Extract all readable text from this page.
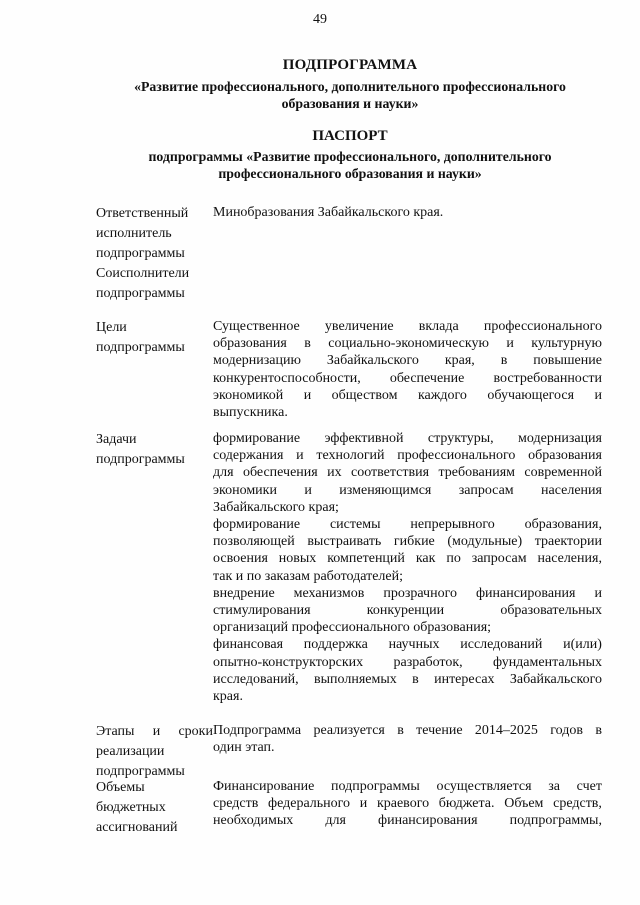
49
ПОДПРОГРАММА
«Развитие профессионального, дополнительного профессионального
образования и науки»
ПАСПОРТ
подпрограммы «Развитие профессионального, дополнительного
профессионального образования и науки»
Ответственный
исполнитель
подпрограммы
Минобразования Забайкальского края.
Соисполнители
подпрограммы
Цели
подпрограммы
Существенное увеличение вклада профессионального
образования в социально-экономическую и культурную
модернизацию Забайкальского края, в повышение
конкурентоспособности, обеспечение востребованности
экономикой и обществом каждого обучающегося и
выпускника.
Задачи
подпрограммы
формирование эффективной структуры, модернизация
содержания и технологий профессионального образования
для обеспечения их соответствия требованиям современной
экономики и изменяющимся запросам населения
Забайкальского края;
формирование системы непрерывного образования,
позволяющей выстраивать гибкие (модульные) траектории
освоения новых компетенций как по запросам населения,
так и по заказам работодателей;
внедрение механизмов прозрачного финансирования и
стимулирования	конкуренции	образовательных
организаций профессионального образования;
финансовая поддержка научных исследований и(или)
опытно-конструкторских разработок, фундаментальных
исследований, выполняемых в интересах Забайкальского
края.
Этапы и сроки
реализации
подпрограммы
Подпрограмма реализуется в течение 2014–2025 годов в
один этап.
Объемы
бюджетных
ассигнований
Финансирование подпрограммы осуществляется за счет
средств федерального и краевого бюджета. Объем средств,
необходимых для финансирования подпрограммы,
